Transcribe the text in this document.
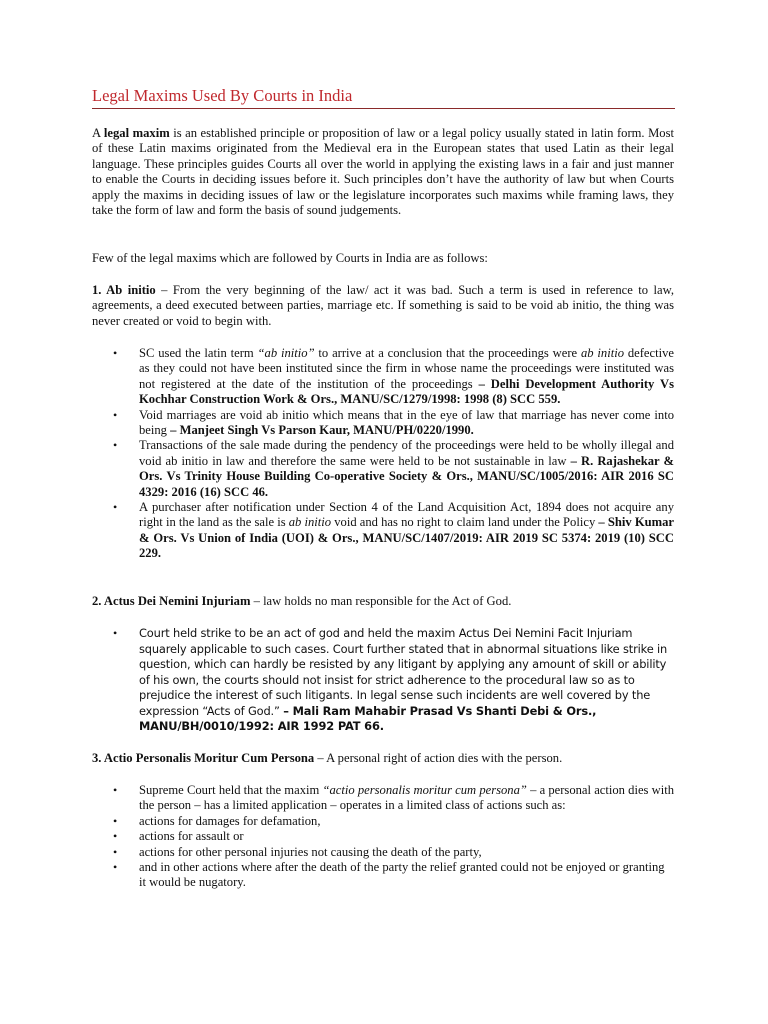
Legal Maxims Used By Courts in India

A legal maxim is an established principle or proposition of law or a legal policy usually stated in latin form. Most of these Latin maxims originated from the Medieval era in the European states that used Latin as their legal language. These principles guides Courts all over the world in applying the existing laws in a fair and just manner to enable the Courts in deciding issues before it. Such principles don’t have the authority of law but when Courts apply the maxims in deciding issues of law or the legislature incorporates such maxims while framing laws, they take the form of law and form the basis of sound judgements.

Few of the legal maxims which are followed by Courts in India are as follows:

1. Ab initio – From the very beginning of the law/ act it was bad. Such a term is used in reference to law, agreements, a deed executed between parties, marriage etc. If something is said to be void ab initio, the thing was never created or void to begin with.

• SC used the latin term “ab initio” to arrive at a conclusion that the proceedings were ab initio defective as they could not have been instituted since the firm in whose name the proceedings were instituted was not registered at the date of the institution of the proceedings – Delhi Development Authority Vs Kochhar Construction Work & Ors., MANU/SC/1279/1998: 1998 (8) SCC 559.
• Void marriages are void ab initio which means that in the eye of law that marriage has never come into being – Manjeet Singh Vs Parson Kaur, MANU/PH/0220/1990.
• Transactions of the sale made during the pendency of the proceedings were held to be wholly illegal and void ab initio in law and therefore the same were held to be not sustainable in law – R. Rajashekar & Ors. Vs Trinity House Building Co-operative Society & Ors., MANU/SC/1005/2016: AIR 2016 SC 4329: 2016 (16) SCC 46.
• A purchaser after notification under Section 4 of the Land Acquisition Act, 1894 does not acquire any right in the land as the sale is ab initio void and has no right to claim land under the Policy – Shiv Kumar & Ors. Vs Union of India (UOI) & Ors., MANU/SC/1407/2019: AIR 2019 SC 5374: 2019 (10) SCC 229.

2. Actus Dei Nemini Injuriam – law holds no man responsible for the Act of God.

• Court held strike to be an act of god and held the maxim Actus Dei Nemini Facit Injuriam squarely applicable to such cases. Court further stated that in abnormal situations like strike in question, which can hardly be resisted by any litigant by applying any amount of skill or ability of his own, the courts should not insist for strict adherence to the procedural law so as to prejudice the interest of such litigants. In legal sense such incidents are well covered by the expression “Acts of God.” – Mali Ram Mahabir Prasad Vs Shanti Debi & Ors., MANU/BH/0010/1992: AIR 1992 PAT 66.

3. Actio Personalis Moritur Cum Persona – A personal right of action dies with the person.

• Supreme Court held that the maxim “actio personalis moritur cum persona” – a personal action dies with the person – has a limited application – operates in a limited class of actions such as:
• actions for damages for defamation,
• actions for assault or
• actions for other personal injuries not causing the death of the party,
• and in other actions where after the death of the party the relief granted could not be enjoyed or granting it would be nugatory.
